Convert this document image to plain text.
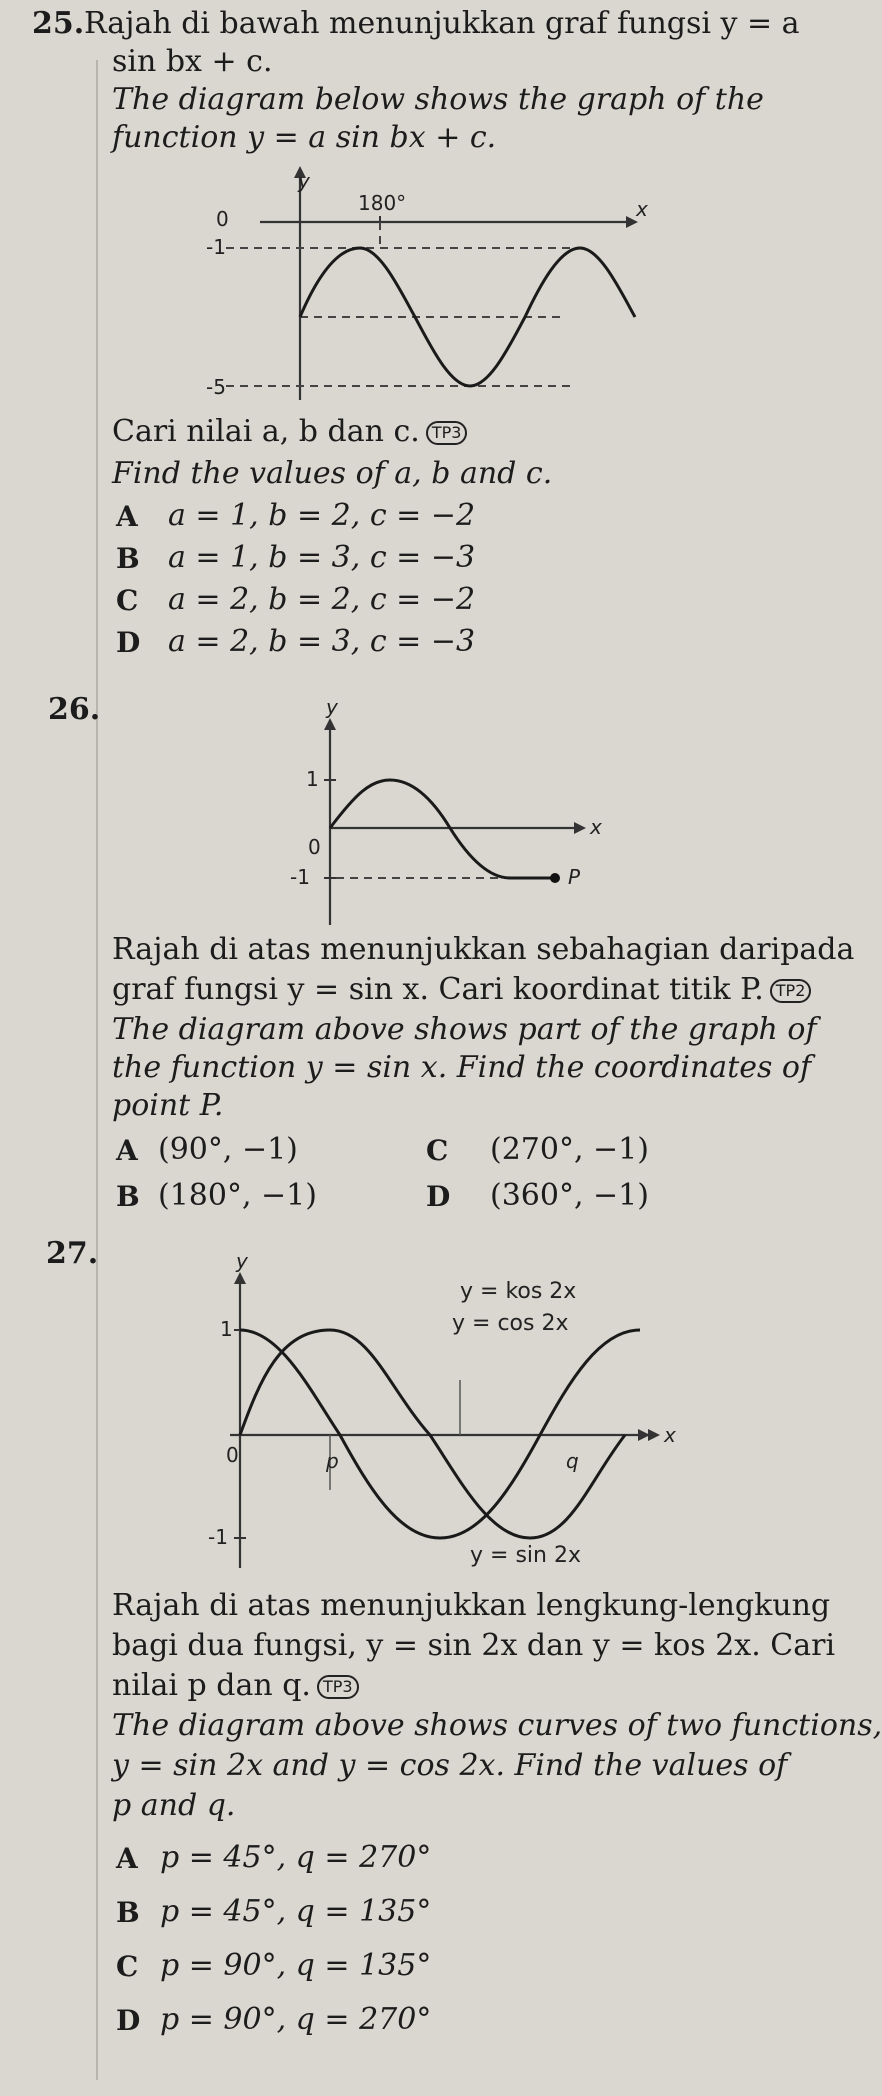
25. Rajah di bawah menunjukkan graf fungsi y = a
sin bx + c.
The diagram below shows the graph of the
function y = a sin bx + c.
y
x
180°
0
-1
-5
Cari nilai a, b dan c. TP3
Find the values of a, b and c.
A a = 1, b = 2, c = −2
B a = 1, b = 3, c = −3
C a = 2, b = 2, c = −2
D a = 2, b = 3, c = −3
26.	y
x
1
0
-1	P
Rajah di atas menunjukkan sebahagian daripada
graf fungsi y = sin x. Cari koordinat titik P. TP2
The diagram above shows part of the graph of
the function y = sin x. Find the coordinates of
point P.
A (90°, −1)	C (270°, −1)
B (180°, −1)	D (360°, −1)
27.	y
x
1
0
-1
p	q
y = kos 2x
y = cos 2x
y = sin 2x
Rajah di atas menunjukkan lengkung-lengkung
bagi dua fungsi, y = sin 2x dan y = kos 2x. Cari
nilai p dan q. TP3
The diagram above shows curves of two functions,
y = sin 2x and y = cos 2x. Find the values of
p and q.
A p = 45°, q = 270°
B p = 45°, q = 135°
C p = 90°, q = 135°
D p = 90°, q = 270°
